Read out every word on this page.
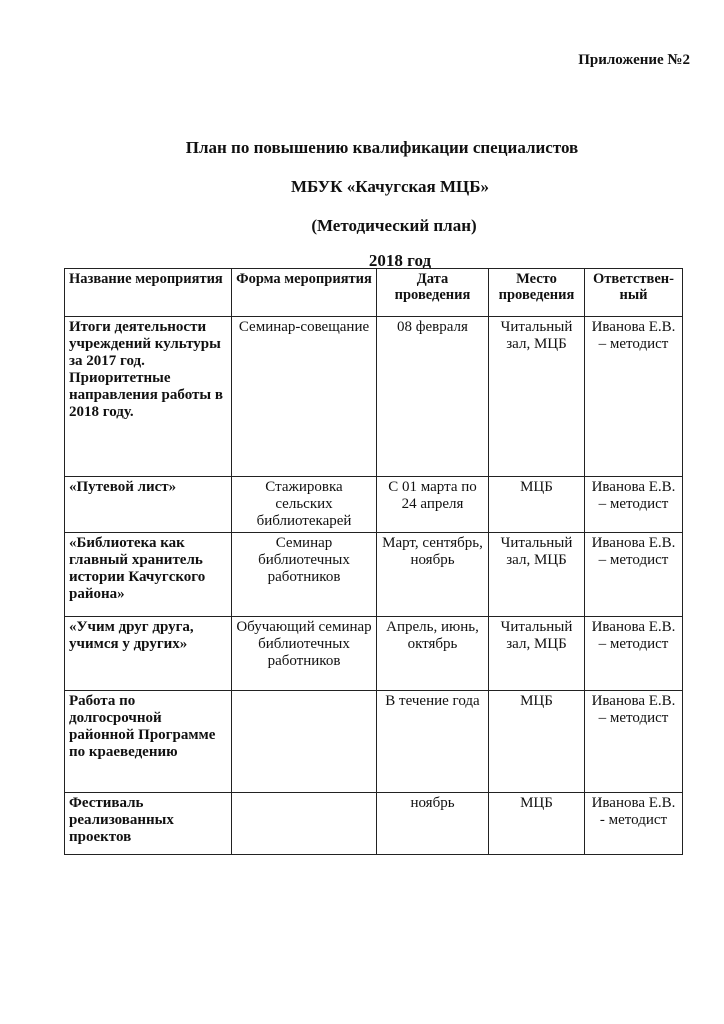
Приложение №2
План по повышению квалификации специалистов
МБУК «Качугская МЦБ»
(Методический план)
2018 год
Название мероприятия	Форма мероприятия	Дата проведения	Место проведения	Ответствен-ный
Итоги деятельности учреждений культуры за 2017 год. Приоритетные направления работы в 2018 году.	Семинар-совещание	08 февраля	Читальный зал, МЦБ	Иванова Е.В. – методист
«Путевой лист»	Стажировка сельских библиотекарей	С 01 марта по 24 апреля	МЦБ	Иванова Е.В. – методист
«Библиотека как главный хранитель истории Качугского района»	Семинар библиотечных работников	Март, сентябрь, ноябрь	Читальный зал, МЦБ	Иванова Е.В. – методист
«Учим друг друга, учимся у других»	Обучающий семинар библиотечных работников	Апрель, июнь, октябрь	Читальный зал, МЦБ	Иванова Е.В. – методист
Работа по долгосрочной районной Программе по краеведению		В течение года	МЦБ	Иванова Е.В. – методист
Фестиваль реализованных проектов		ноябрь	МЦБ	Иванова Е.В. - методист
